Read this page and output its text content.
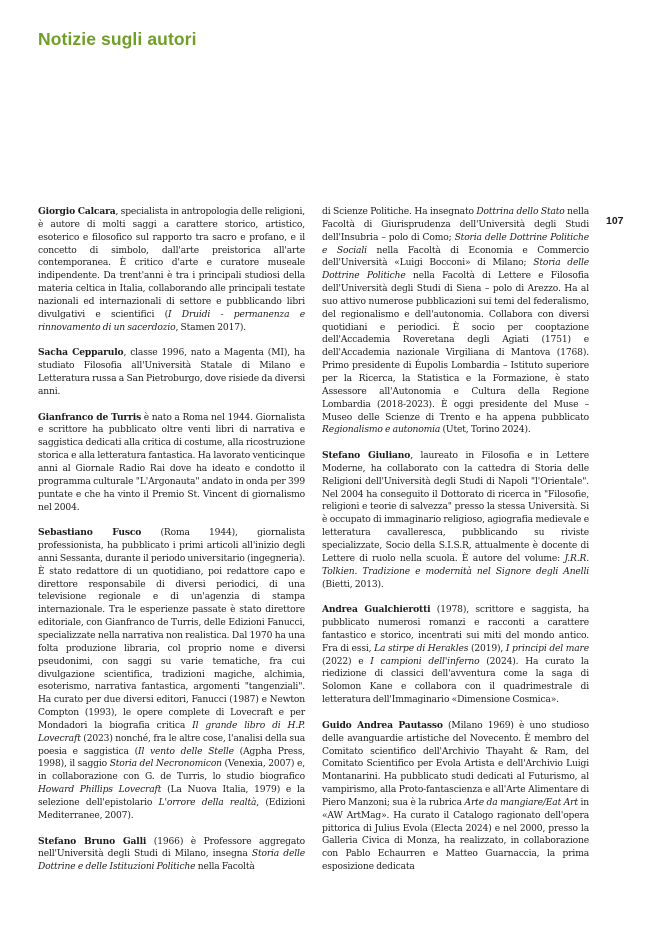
Notizie sugli autori
107

Giorgio Calcara, specialista in antropologia delle religioni, è autore di molti saggi a carattere storico, artistico, esoterico e filosofico sul rapporto tra sacro e profano, e il concetto di simbolo, dall'arte preistorica all'arte contemporanea. È critico d'arte e curatore museale indipendente. Da trent'anni è tra i principali studiosi della materia celtica in Italia, collaborando alle principali testate nazionali ed internazionali di settore e pubblicando libri divulgativi e scientifici (I Druidi - permanenza e rinnovamento di un sacerdozio, Stamen 2017).

Sacha Cepparulo, classe 1996, nato a Magenta (MI), ha studiato Filosofia all'Università Statale di Milano e Letteratura russa a San Pietroburgo, dove risiede da diversi anni.

Gianfranco de Turris è nato a Roma nel 1944. Giornalista e scrittore ha pubblicato oltre venti libri di narrativa e saggistica dedicati alla critica di costume, alla ricostruzione storica e alla letteratura fantastica. Ha lavorato venticinque anni al Giornale Radio Rai dove ha ideato e condotto il programma culturale "L'Argonauta" andato in onda per 399 puntate e che ha vinto il Premio St. Vincent di giornalismo nel 2004.

Sebastiano Fusco (Roma 1944), giornalista professionista, ha pubblicato i primi articoli all'inizio degli anni Sessanta, durante il periodo universitario (ingegneria). È stato redattore di un quotidiano, poi redattore capo e direttore responsabile di diversi periodici, di una televisione regionale e di un'agenzia di stampa internazionale. Tra le esperienze passate è stato direttore editoriale, con Gianfranco de Turris, delle Edizioni Fanucci, specializzate nella narrativa non realistica. Dal 1970 ha una folta produzione libraria, col proprio nome e diversi pseudonimi, con saggi su varie tematiche, fra cui divulgazione scientifica, tradizioni magiche, alchimia, esoterismo, narrativa fantastica, argomenti "tangenziali". Ha curato per due diversi editori, Fanucci (1987) e Newton Compton (1993), le opere complete di Lovecraft e per Mondadori la biografia critica Il grande libro di H.P. Lovecraft (2023) nonché, fra le altre cose, l'analisi della sua poesia e saggistica (Il vento delle Stelle (Agpha Press, 1998), il saggio Storia del Necronomicon (Venexia, 2007) e, in collaborazione con G. de Turris, lo studio biografico Howard Phillips Lovecraft (La Nuova Italia, 1979) e la selezione dell'epistolario L'orrore della realtà, (Edizioni Mediterranee, 2007).

Stefano Bruno Galli (1966) è Professore aggregato nell'Università degli Studi di Milano, insegna Storia delle Dottrine e delle Istituzioni Politiche nella Facoltà

di Scienze Politiche. Ha insegnato Dottrina dello Stato nella Facoltà di Giurisprudenza dell'Università degli Studi dell'Insubria – polo di Como; Storia delle Dottrine Politiche e Sociali nella Facoltà di Economia e Commercio dell'Università «Luigi Bocconi» di Milano; Storia delle Dottrine Politiche nella Facoltà di Lettere e Filosofia dell'Università degli Studi di Siena – polo di Arezzo. Ha al suo attivo numerose pubblicazioni sui temi del federalismo, del regionalismo e dell'autonomia. Collabora con diversi quotidiani e periodici. È socio per cooptazione dell'Accademia Roveretana degli Agiati (1751) e dell'Accademia nazionale Virgiliana di Mantova (1768). Primo presidente di Éupolis Lombardia – Istituto superiore per la Ricerca, la Statistica e la Formazione, è stato Assessore all'Autonomia e Cultura della Regione Lombardia (2018-2023). È oggi presidente del Muse – Museo delle Scienze di Trento e ha appena pubblicato Regionalismo e autonomia (Utet, Torino 2024).

Stefano Giuliano, laureato in Filosofia e in Lettere Moderne, ha collaborato con la cattedra di Storia delle Religioni dell'Università degli Studi di Napoli "l'Orientale". Nel 2004 ha conseguito il Dottorato di ricerca in "Filosofie, religioni e teorie di salvezza" presso la stessa Università. Si è occupato di immaginario religioso, agiografia medievale e letteratura cavalleresca, pubblicando su riviste specializzate, Socio della S.I.S.R, attualmente è docente di Lettere di ruolo nella scuola. È autore del volume: J.R.R. Tolkien. Tradizione e modernità nel Signore degli Anelli (Bietti, 2013).

Andrea Gualchierotti (1978), scrittore e saggista, ha pubblicato numerosi romanzi e racconti a carattere fantastico e storico, incentrati sui miti del mondo antico. Fra di essi, La stirpe di Herakles (2019), I principi del mare (2022) e I campioni dell'inferno (2024). Ha curato la riedizione di classici dell'avventura come la saga di Solomon Kane e collabora con il quadrimestrale di letteratura dell'Immaginario «Dimensione Cosmica».

Guido Andrea Pautasso (Milano 1969) è uno studioso delle avanguardie artistiche del Novecento. È membro del Comitato scientifico dell'Archivio Thayaht & Ram, del Comitato Scientifico per Evola Artista e dell'Archivio Luigi Montanarini. Ha pubblicato studi dedicati al Futurismo, al vampirismo, alla Proto-fantascienza e all'Arte Alimentare di Piero Manzoni; sua è la rubrica Arte da mangiare/Eat Art in «AW ArtMag». Ha curato il Catalogo ragionato dell'opera pittorica di Julius Evola (Electa 2024) e nel 2000, presso la Galleria Civica di Monza, ha realizzato, in collaborazione con Pablo Echaurren e Matteo Guarnaccia, la prima esposizione dedicata
